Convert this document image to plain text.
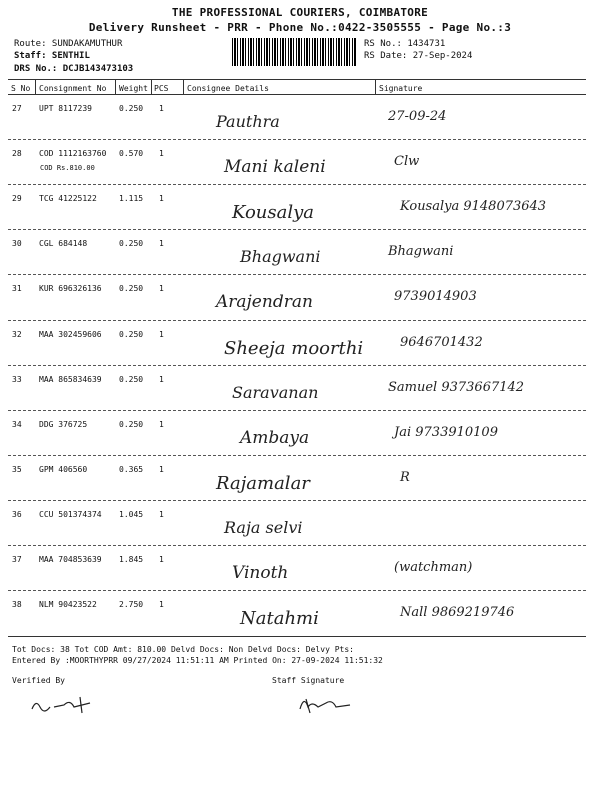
THE PROFESSIONAL COURIERS, COIMBATORE
Delivery Runsheet - PRR - Phone No.:0422-3505555 - Page No.:3
Route: SUNDAKAMUTHUR
Staff: SENTHIL
DRS No.: DCJB143473103
RS No.: 1434731
RS Date: 27-Sep-2024
S No Consignment No Weight PCS Consignee Details	Signature
27 UPT 8117239	0.250 1
Pauthra	27-09-24
28 COD 1112163760 0.570 1
COD Rs.810.00	Mani kaleni	Clw
29 TCG 41225122	1.115 1
Kousalya	Kousalya 9148073643
30 CGL 684148	0.250 1
Bhagwani	Bhagwani
31 KUR 696326136 0.250 1
Arajendran	9739014903
32 MAA 302459606 0.250 1
Sheeja moorthi	9646701432
33 MAA 865834639 0.250 1
Saravanan	Samuel 9373667142
34 DDG 376725	0.250 1
Ambaya	Jai 9733910109
35 GPM 406560	0.365 1
Rajamalar	R
36 CCU 501374374 1.045 1
Raja selvi
37 MAA 704853639 1.845 1
Vinoth	(watchman)
38 NLM 90423522	2.750 1
Natahmi	Nall 9869219746
Tot Docs: 38 Tot COD Amt: 810.00 Delvd Docs: Non Delvd Docs: Delvy Pts:
Entered By :MOORTHYPRR 09/27/2024 11:51:11 AM Printed On: 27-09-2024 11:51:32
Verified By	Staff Signature
